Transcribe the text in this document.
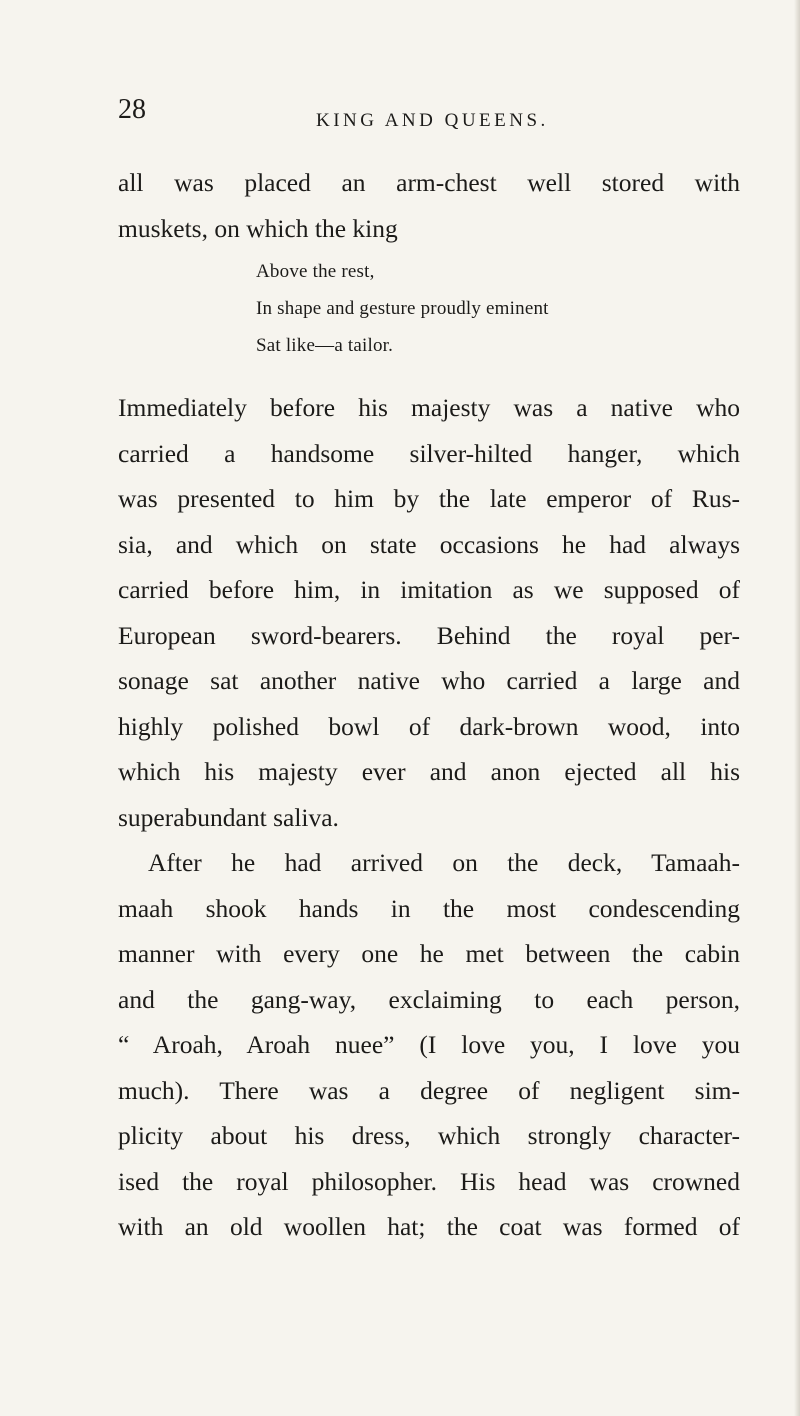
28	KING AND QUEENS.
all was placed an arm-chest well stored with
muskets, on which the king
Above the rest,
In shape and gesture proudly eminent
Sat like—a tailor.
Immediately before his majesty was a native who
carried a handsome silver-hilted hanger, which
was presented to him by the late emperor of Rus-
sia, and which on state occasions he had always
carried before him, in imitation as we supposed of
European sword-bearers. Behind the royal per-
sonage sat another native who carried a large and
highly polished bowl of dark-brown wood, into
which his majesty ever and anon ejected all his
superabundant saliva.
After he had arrived on the deck, Tamaah-
maah shook hands in the most condescending
manner with every one he met between the cabin
and the gang-way, exclaiming to each person,
“ Aroah, Aroah nuee” (I love you, I love you
much). There was a degree of negligent sim-
plicity about his dress, which strongly character-
ised the royal philosopher. His head was crowned
with an old woollen hat; the coat was formed of
